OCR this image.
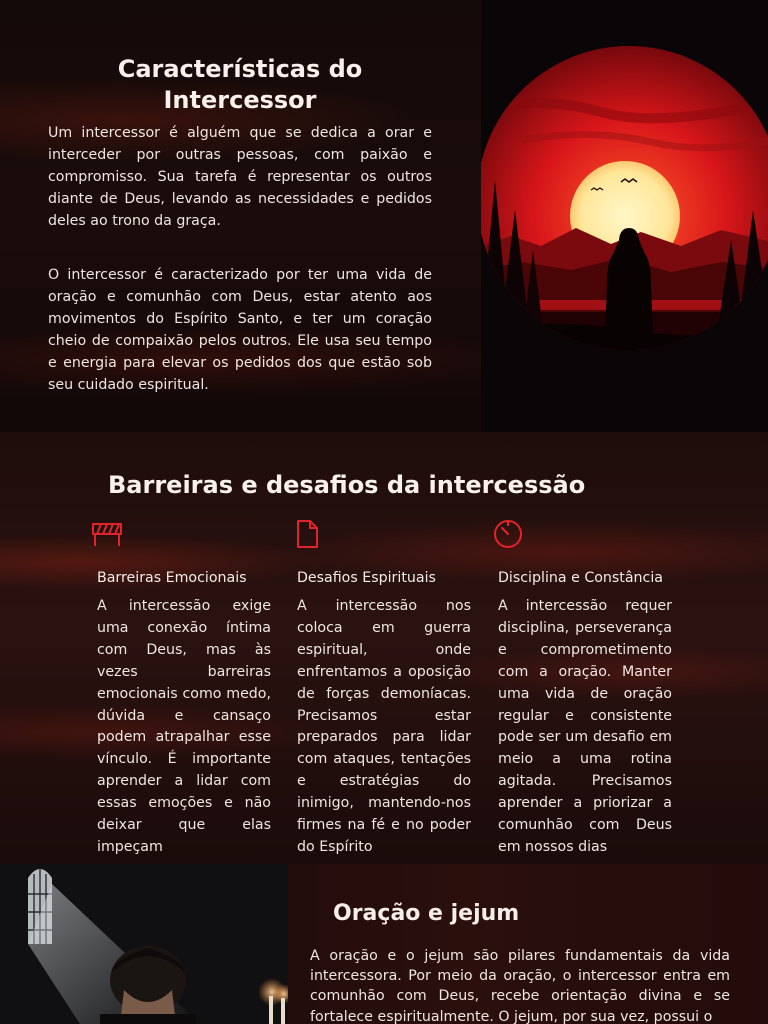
Características do Intercessor

Um intercessor é alguém que se dedica a orar e interceder por outras pessoas, com paixão e compromisso. Sua tarefa é representar os outros diante de Deus, levando as necessidades e pedidos deles ao trono da graça.

O intercessor é caracterizado por ter uma vida de oração e comunhão com Deus, estar atento aos movimentos do Espírito Santo, e ter um coração cheio de compaixão pelos outros. Ele usa seu tempo e energia para elevar os pedidos dos que estão sob seu cuidado espiritual.

Barreiras e desafios da intercessão
Barreiras Emocionais

A intercessão exige uma conexão íntima com Deus, mas às vezes barreiras emocionais como medo, dúvida e cansaço podem atrapalhar esse vínculo. É importante aprender a lidar com essas emoções e não deixar que elas impeçam

Desafios Espirituais

A intercessão nos coloca em guerra espiritual, onde enfrentamos a oposição de forças demoníacas. Precisamos estar preparados para lidar com ataques, tentações e estratégias do inimigo, mantendo-nos firmes na fé e no poder do Espírito

Disciplina e Constância

A intercessão requer disciplina, perseverança e comprometimento com a oração. Manter uma vida de oração regular e consistente pode ser um desafio em meio a uma rotina agitada. Precisamos aprender a priorizar a comunhão com Deus em nossos dias

Oração e jejum

A oração e o jejum são pilares fundamentais da vida intercessora. Por meio da oração, o intercessor entra em comunhão com Deus, recebe orientação divina e se fortalece espiritualmente. O jejum, por sua vez, possui o
